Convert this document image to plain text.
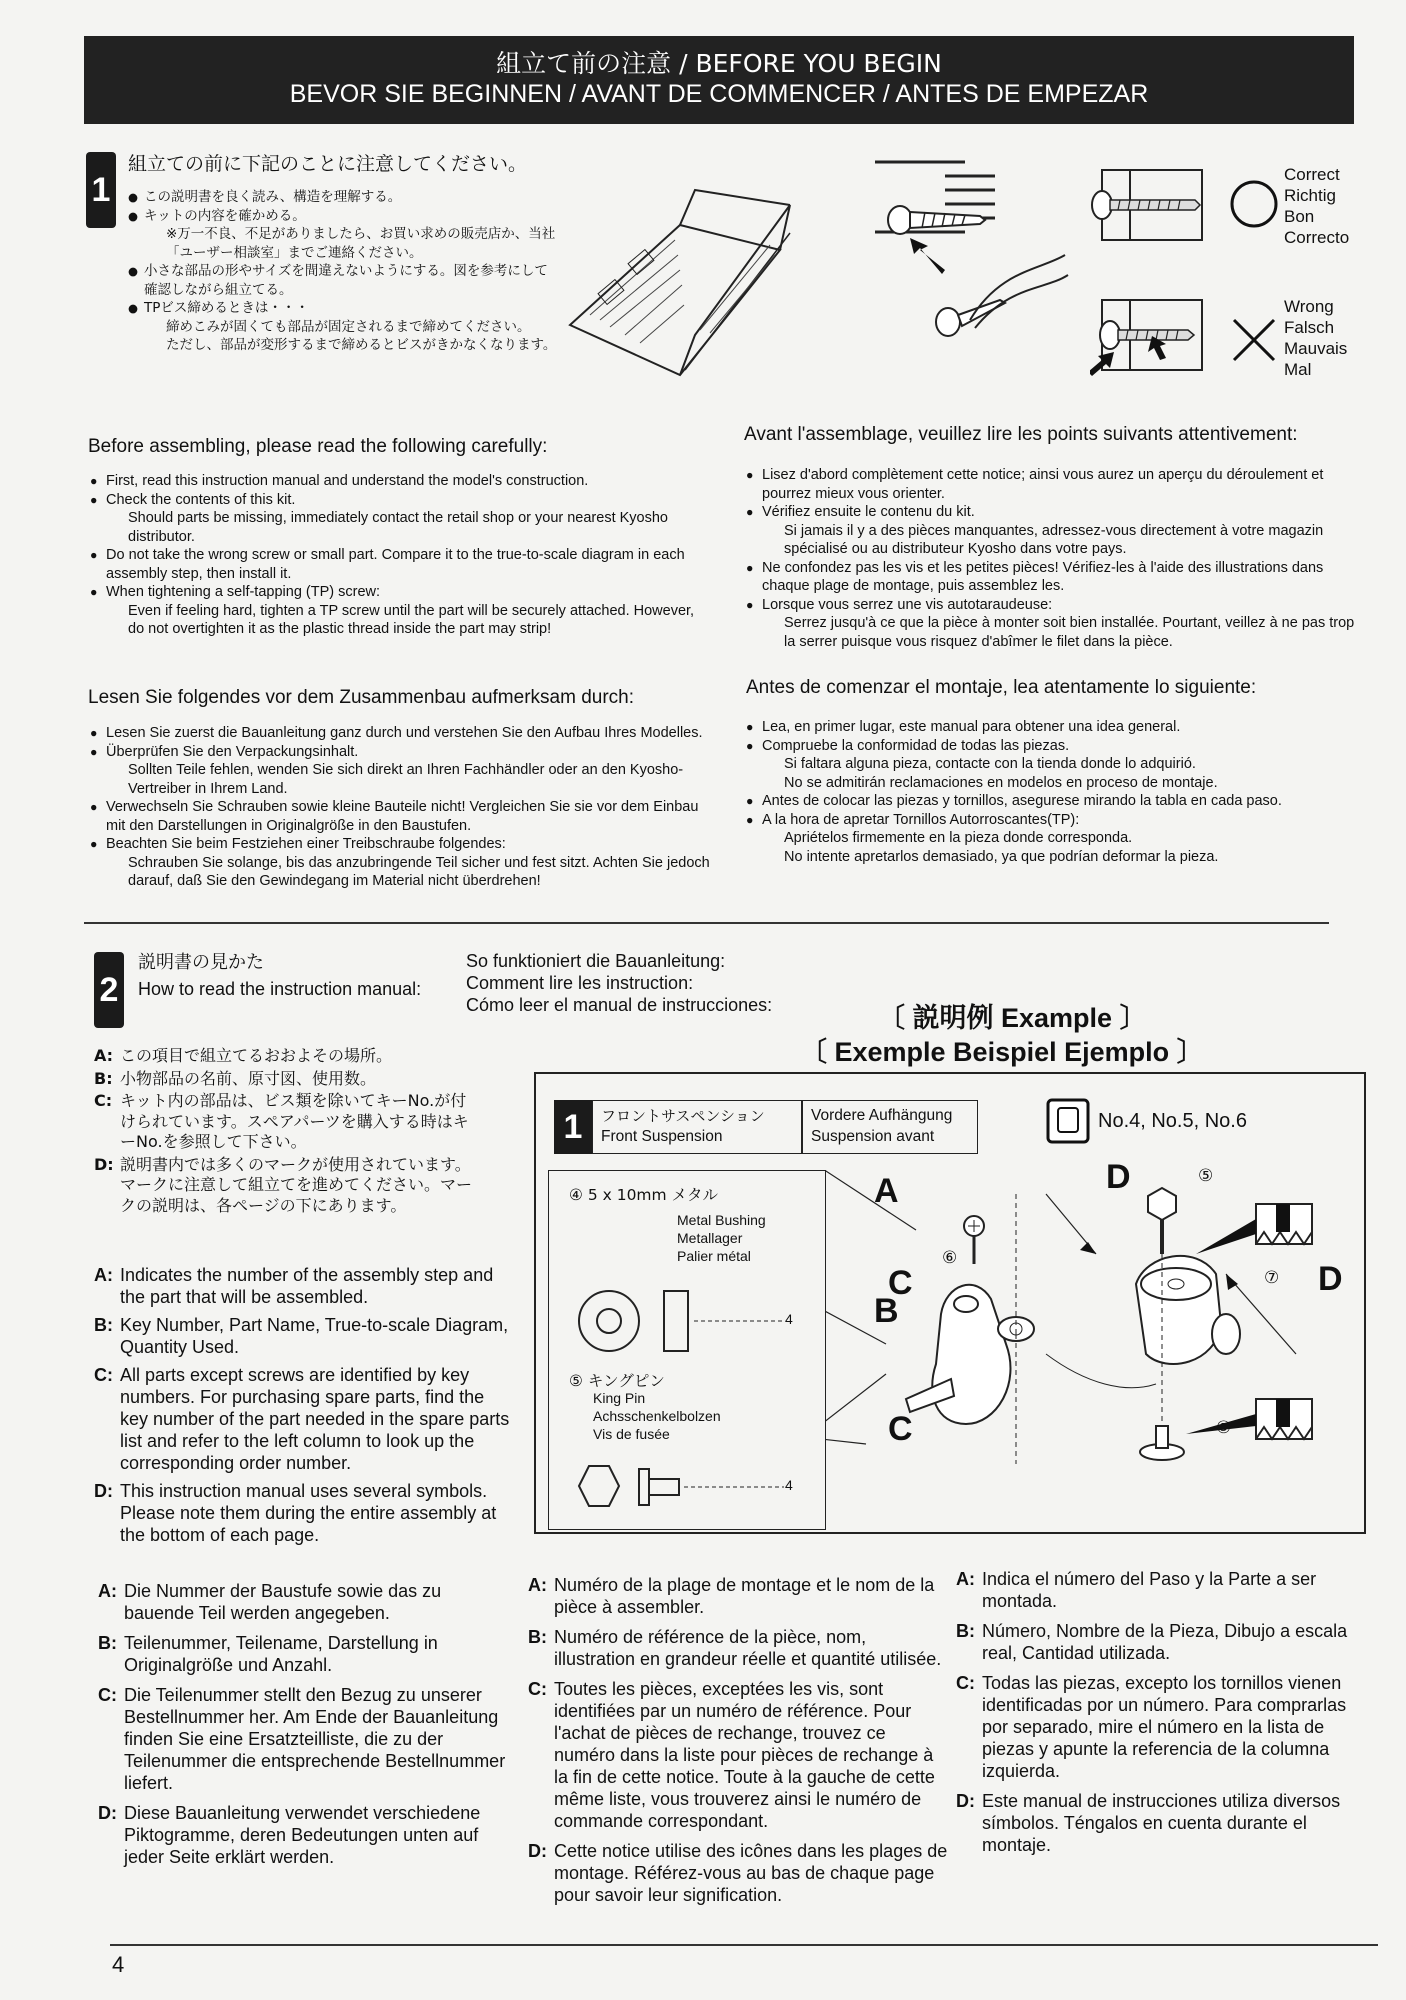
組立て前の注意 / BEFORE YOU BEGIN
BEVOR SIE BEGINNEN / AVANT DE COMMENCER / ANTES DE EMPEZAR
1
組立ての前に下記のことに注意してください。
● この説明書を良く読み、構造を理解する。
● キットの内容を確かめる。
※万一不良、不足がありましたら、お買い求めの販売店か、当社「ユーザー相談室」までご連絡ください。
● 小さな部品の形やサイズを間違えないようにする。図を参考にして確認しながら組立てる。
● TPビス締めるときは・・・
締めこみが固くても部品が固定されるまで締めてください。
ただし、部品が変形するまで締めるとビスがきかなくなります。
Correct
Richtig
Bon
Correcto
Wrong
Falsch
Mauvais
Mal
Before assembling, please read the following carefully:
● First, read this instruction manual and understand the model's construction.
● Check the contents of this kit.
Should parts be missing, immediately contact the retail shop or your nearest Kyosho distributor.
● Do not take the wrong screw or small part. Compare it to the true-to-scale diagram in each assembly step, then install it.
● When tightening a self-tapping (TP) screw:
Even if feeling hard, tighten a TP screw until the part will be securely attached. However, do not overtighten it as the plastic thread inside the part may strip!
Avant l'assemblage, veuillez lire les points suivants attentivement:
● Lisez d'abord complètement cette notice; ainsi vous aurez un aperçu du déroulement et pourrez mieux vous orienter.
● Vérifiez ensuite le contenu du kit.
Si jamais il y a des pièces manquantes, adressez-vous directement à votre magazin spécialisé ou au distributeur Kyosho dans votre pays.
● Ne confondez pas les vis et les petites pièces! Vérifiez-les à l'aide des illustrations dans chaque plage de montage, puis assemblez les.
● Lorsque vous serrez une vis autotaraudeuse:
Serrez jusqu'à ce que la pièce à monter soit bien installée. Pourtant, veillez à ne pas trop la serrer puisque vous risquez d'abîmer le filet dans la pièce.
Lesen Sie folgendes vor dem Zusammenbau aufmerksam durch:
● Lesen Sie zuerst die Bauanleitung ganz durch und verstehen Sie den Aufbau Ihres Modelles.
● Überprüfen Sie den Verpackungsinhalt.
Sollten Teile fehlen, wenden Sie sich direkt an Ihren Fachhändler oder an den Kyosho-Vertreiber in Ihrem Land.
● Verwechseln Sie Schrauben sowie kleine Bauteile nicht! Vergleichen Sie sie vor dem Einbau mit den Darstellungen in Originalgröße in den Baustufen.
● Beachten Sie beim Festziehen einer Treibschraube folgendes:
Schrauben Sie solange, bis das anzubringende Teil sicher und fest sitzt. Achten Sie jedoch darauf, daß Sie den Gewindegang im Material nicht überdrehen!
Antes de comenzar el montaje, lea atentamente lo siguiente:
● Lea, en primer lugar, este manual para obtener una idea general.
● Compruebe la conformidad de todas las piezas.
Si faltara alguna pieza, contacte con la tienda donde lo adquirió.
No se admitirán reclamaciones en modelos en proceso de montaje.
● Antes de colocar las piezas y tornillos, asegurese mirando la tabla en cada paso.
● A la hora de apretar Tornillos Autorroscantes(TP):
Apriételos firmemente en la pieza donde corresponda.
No intente apretarlos demasiado, ya que podrían deformar la pieza.
2
説明書の見かた
How to read the instruction manual:
So funktioniert die Bauanleitung:
Comment lire les instruction:
Cómo leer el manual de instrucciones:
A: この項目で組立てるおおよその場所。
B: 小物部品の名前、原寸図、使用数。
C: キット内の部品は、ビス類を除いてキーNo.が付けられています。スペアパーツを購入する時はキーNo.を参照して下さい。
D: 説明書内では多くのマークが使用されています。マークに注意して組立てを進めてください。マークの説明は、各ページの下にあります。
A: Indicates the number of the assembly step and the part that will be assembled.
B: Key Number, Part Name, True-to-scale Diagram, Quantity Used.
C: All parts except screws are identified by key numbers. For purchasing spare parts, find the key number of the part needed in the spare parts list and refer to the left column to look up the corresponding order number.
D: This instruction manual uses several symbols. Please note them during the entire assembly at the bottom of each page.
〔 説明例 Example 〕
〔 Exemple Beispiel Ejemplo 〕
1	フロントサスペンション
Front Suspension
Vordere Aufhängung
Suspension avant
No.4, No.5, No.6
④ 5 x 10mm メタル
Metal Bushing
Metallager
Palier métal
4
⑤ キングピン
King Pin
Achsschenkelbolzen
Vis de fusée
4
A
B
C
C
D
D
⑤
⑥
⑦
⑤
A: Die Nummer der Baustufe sowie das zu bauende Teil werden angegeben.
B: Teilenummer, Teilename, Darstellung in Originalgröße und Anzahl.
C: Die Teilenummer stellt den Bezug zu unserer Bestellnummer her. Am Ende der Bauanleitung finden Sie eine Ersatzteilliste, die zu der Teilenummer die entsprechende Bestellnummer liefert.
D: Diese Bauanleitung verwendet verschiedene Piktogramme, deren Bedeutungen unten auf jeder Seite erklärt werden.
A: Numéro de la plage de montage et le nom de la pièce à assembler.
B: Numéro de référence de la pièce, nom, illustration en grandeur réelle et quantité utilisée.
C: Toutes les pièces, exceptées les vis, sont identifiées par un numéro de référence. Pour l'achat de pièces de rechange, trouvez ce numéro dans la liste pour pièces de rechange à la fin de cette notice. Toute à la gauche de cette même liste, vous trouverez ainsi le numéro de commande correspondant.
D: Cette notice utilise des icônes dans les plages de montage. Référez-vous au bas de chaque page pour savoir leur signification.
A: Indica el número del Paso y la Parte a ser montada.
B: Número, Nombre de la Pieza, Dibujo a escala real, Cantidad utilizada.
C: Todas las piezas, excepto los tornillos vienen identificadas por un número. Para comprarlas por separado, mire el número en la lista de piezas y apunte la referencia de la columna izquierda.
D: Este manual de instrucciones utiliza diversos símbolos. Téngalos en cuenta durante el montaje.
4
